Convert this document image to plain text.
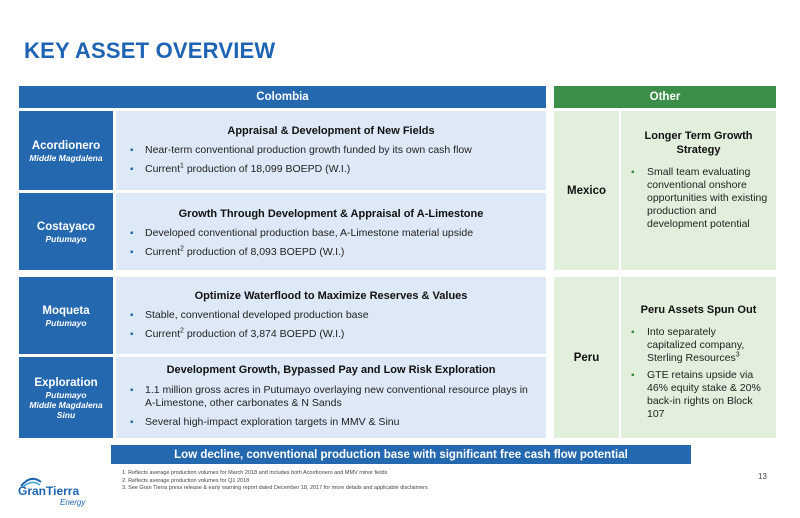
KEY ASSET OVERVIEW
Colombia	Other
Acordionero
Middle Magdalena
Appraisal & Development of New Fields
▪ Near-term conventional production growth funded by its own cash flow
▪ Current$^1$ production of 18,099 BOEPD (W.I.)
Costayaco
Putumayo
Growth Through Development & Appraisal of A-Limestone
▪ Developed conventional production base, A-Limestone material upside
▪ Current$^2$ production of 8,093 BOEPD (W.I.)
Moqueta
Putumayo
Optimize Waterflood to Maximize Reserves & Values
▪ Stable, conventional developed production base
▪ Current$^2$ production of 3,874 BOEPD (W.I.)
Exploration
Putumayo
Middle Magdalena
Sinu
Development Growth, Bypassed Pay and Low Risk Exploration
▪ 1.1 million gross acres in Putumayo overlaying new conventional resource plays in A-Limestone, other carbonates & N Sands
▪ Several high-impact exploration targets in MMV & Sinu
Mexico
Longer Term Growth Strategy
▪ Small team evaluating conventional onshore opportunities with existing production and development potential
Peru
Peru Assets Spun Out
▪ Into separately capitalized company, Sterling Resources$^3$
▪ GTE retains upside via 46% equity stake & 20% back-in rights on Block 107
Low decline, conventional production base with significant free cash flow potential
GranTierra
Energy
1. Reflects average production volumes for March 2018 and includes both Acordionero and MMV minor fields
2. Reflects average production volumes for Q1 2018
3. See Gran Tierra press release & early warning report dated December 18, 2017 for more details and applicable disclaimers
13
